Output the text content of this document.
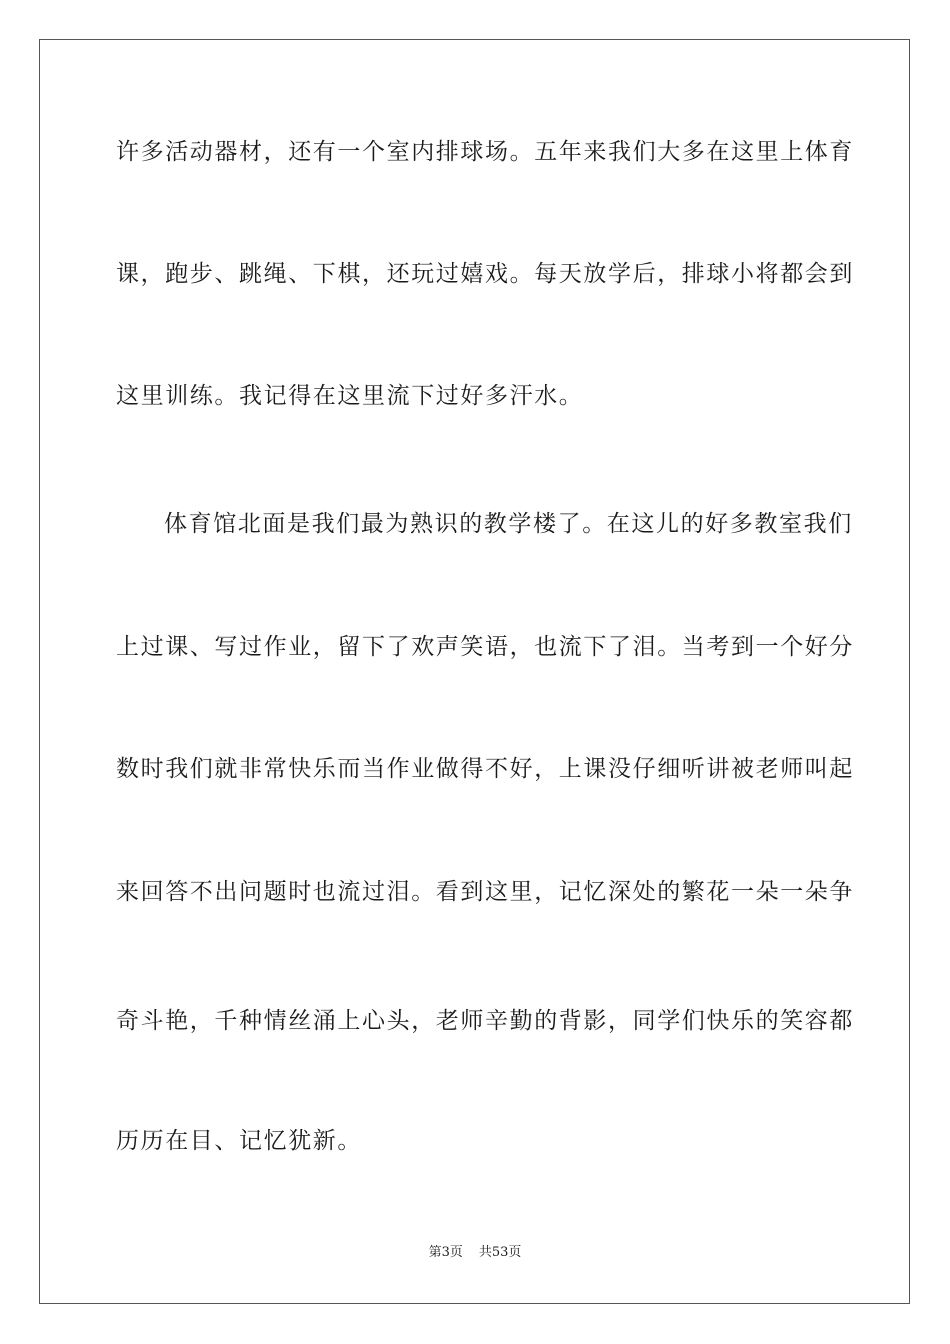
许多活动器材，还有一个室内排球场。五年来我们大多在这里上体育
课，跑步、跳绳、下棋，还玩过嬉戏。每天放学后，排球小将都会到
这里训练。我记得在这里流下过好多汗水。
体育馆北面是我们最为熟识的教学楼了。在这儿的好多教室我们
上过课、写过作业，留下了欢声笑语，也流下了泪。当考到一个好分
数时我们就非常快乐而当作业做得不好，上课没仔细听讲被老师叫起
来回答不出问题时也流过泪。看到这里，记忆深处的繁花一朵一朵争
奇斗艳，千种情丝涌上心头，老师辛勤的背影，同学们快乐的笑容都
历历在目、记忆犹新。
第3页 共53页
